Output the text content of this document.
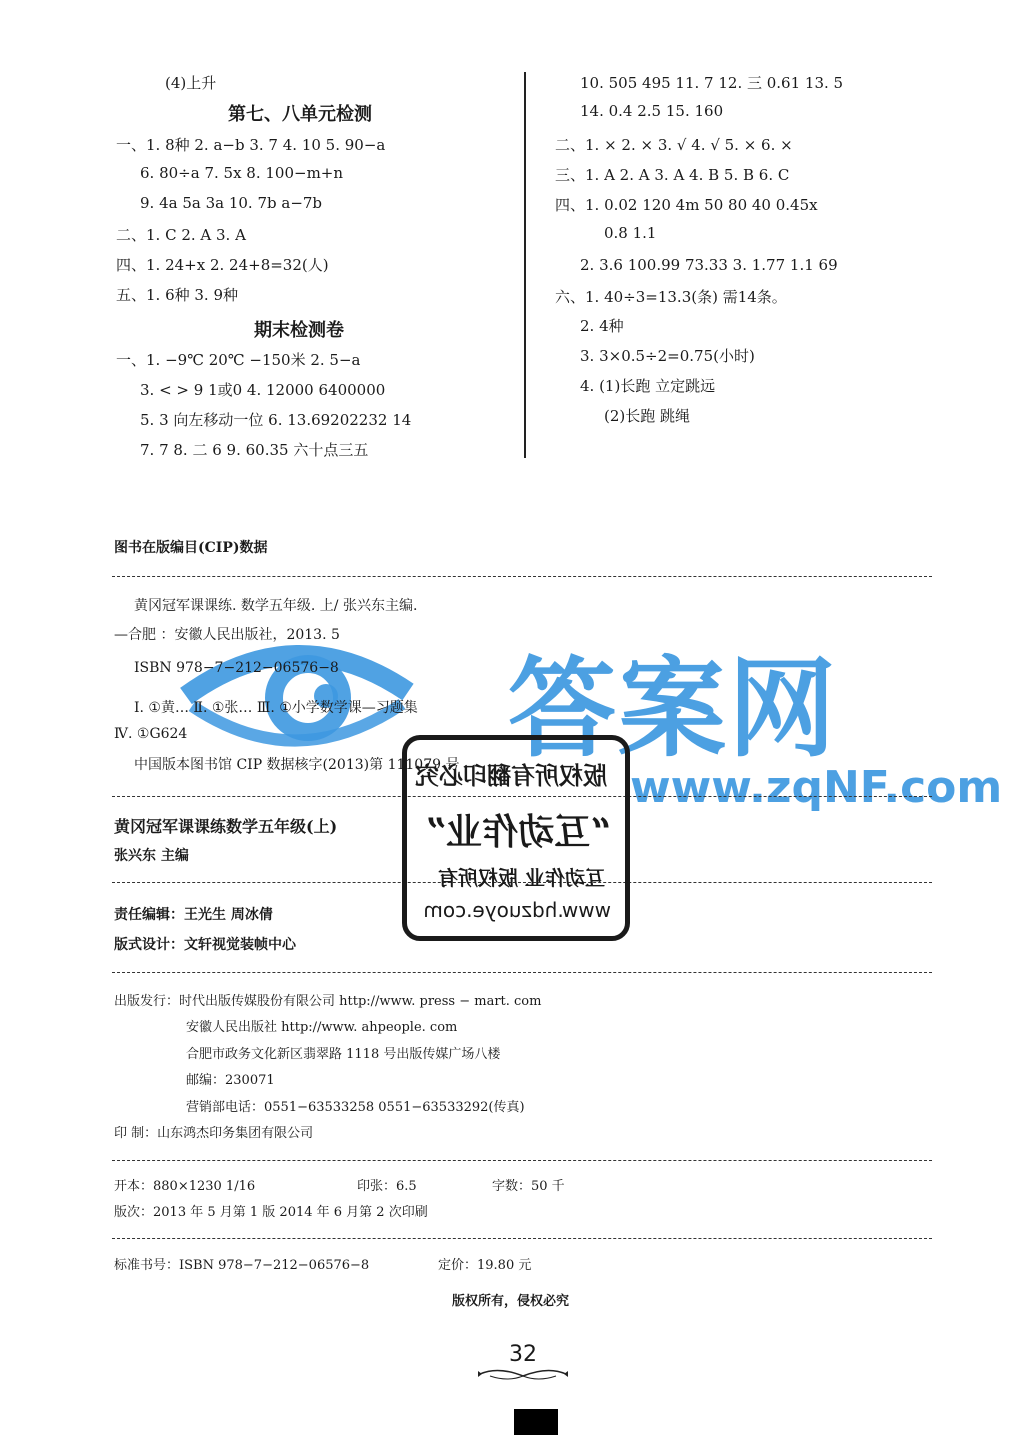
(4)上升
第七、八单元检测
一、1. 8种 2. a−b 3. 7 4. 10 5. 90−a
6. 80÷a 7. 5x 8. 100−m+n
9. 4a 5a 3a 10. 7b a−7b
二、1. C 2. A 3. A
四、1. 24+x 2. 24+8=32(人)
五、1. 6种 3. 9种
期末检测卷
一、1. −9℃ 20℃ −150米 2. 5−a
3. < > 9 1或0 4. 12000 6400000
5. 3 向左移动一位 6. 13.69202232 14
7. 7 8. 二 6 9. 60.35 六十点三五
10. 505 495 11. 7 12. 三 0.61 13. 5
14. 0.4 2.5 15. 160
二、1. × 2. × 3. √ 4. √ 5. × 6. ×
三、1. A 2. A 3. A 4. B 5. B 6. C
四、1. 0.02 120 4m 50 80 40 0.45x
0.8 1.1
2. 3.6 100.99 73.33 3. 1.77 1.1 69
六、1. 40÷3=13.3(条) 需14条。
2. 4种
3. 3×0.5÷2=0.75(小时)
4. (1)长跑 立定跳远
(2)长跑 跳绳
答案网
www.zqNF.com
图书在版编目(CIP)数据
黄冈冠军课课练. 数学五年级. 上/ 张兴东主编.
—合肥 ：安徽人民出版社，2013. 5
ISBN 978−7−212−06576−8
Ⅰ. ①黄… Ⅱ. ①张… Ⅲ. ①小学数学课—习题集
Ⅳ. ①G624
中国版本图书馆 CIP 数据核字(2013)第 111079 号
黄冈冠军课课练数学五年级(上)
张兴东 主编
责任编辑：王光生 周冰倩
版式设计：文轩视觉装帧中心
出版发行：时代出版传媒股份有限公司 http://www. press − mart. com
安徽人民出版社 http://www. ahpeople. com
合肥市政务文化新区翡翠路 1118 号出版传媒广场八楼
邮编：230071
营销部电话：0551−63533258 0551−63533292(传真)
印 制：山东鸿杰印务集团有限公司
开本：880×1230 1/16	印张：6.5	字数：50 千
版次：2013 年 5 月第 1 版 2014 年 6 月第 2 次印刷
标准书号：ISBN 978−7−212−06576−8	定价：19.80 元
版权所有，侵权必究
版权所有翻印必究
“互动作业”
互动作业 版权所有
www.hdzuoye.com
32
